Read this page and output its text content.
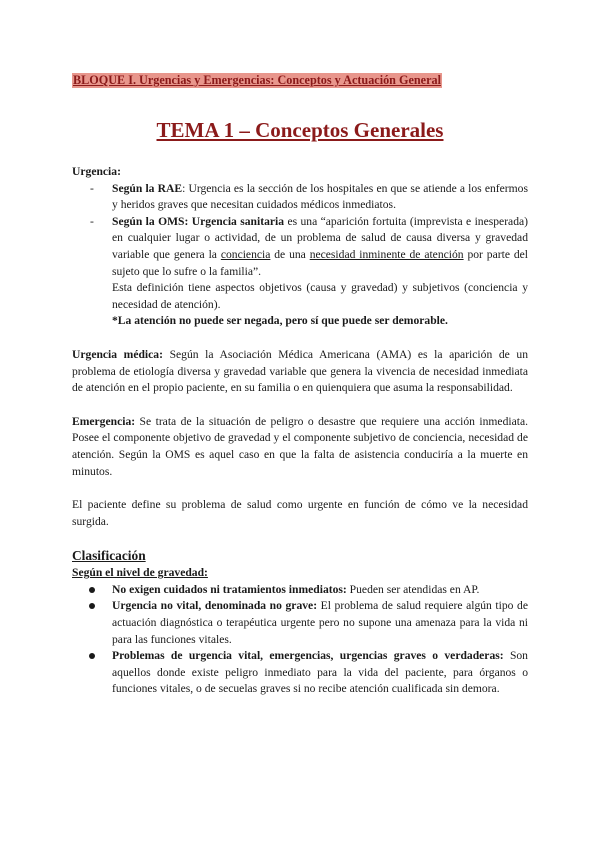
BLOQUE I. Urgencias y Emergencias: Conceptos y Actuación General
TEMA 1 – Conceptos Generales

Urgencia:

- Según la RAE: Urgencia es la sección de los hospitales en que se atiende a los enfermos y heridos graves que necesitan cuidados médicos inmediatos.
- Según la OMS: Urgencia sanitaria es una “aparición fortuita (imprevista e inesperada) en cualquier lugar o actividad, de un problema de salud de causa diversa y gravedad variable que genera la conciencia de una necesidad inminente de atención por parte del sujeto que lo sufre o la familia”.

Esta definición tiene aspectos objetivos (causa y gravedad) y subjetivos (conciencia y necesidad de atención).

*La atención no puede ser negada, pero sí que puede ser demorable.

Urgencia médica: Según la Asociación Médica Americana (AMA) es la aparición de un problema de etiología diversa y gravedad variable que genera la vivencia de necesidad inmediata de atención en el propio paciente, en su familia o en quienquiera que asuma la responsabilidad.

Emergencia: Se trata de la situación de peligro o desastre que requiere una acción inmediata. Posee el componente objetivo de gravedad y el componente subjetivo de conciencia, necesidad de atención. Según la OMS es aquel caso en que la falta de asistencia conduciría a la muerte en minutos.

El paciente define su problema de salud como urgente en función de cómo ve la necesidad surgida.

Clasificación
Según el nivel de gravedad:
No exigen cuidados ni tratamientos inmediatos: Pueden ser atendidas en AP.
Urgencia no vital, denominada no grave: El problema de salud requiere algún tipo de actuación diagnóstica o terapéutica urgente pero no supone una amenaza para la vida ni para las funciones vitales.
Problemas de urgencia vital, emergencias, urgencias graves o verdaderas: Son aquellos donde existe peligro inmediato para la vida del paciente, para órganos o funciones vitales, o de secuelas graves si no recibe atención cualificada sin demora.
